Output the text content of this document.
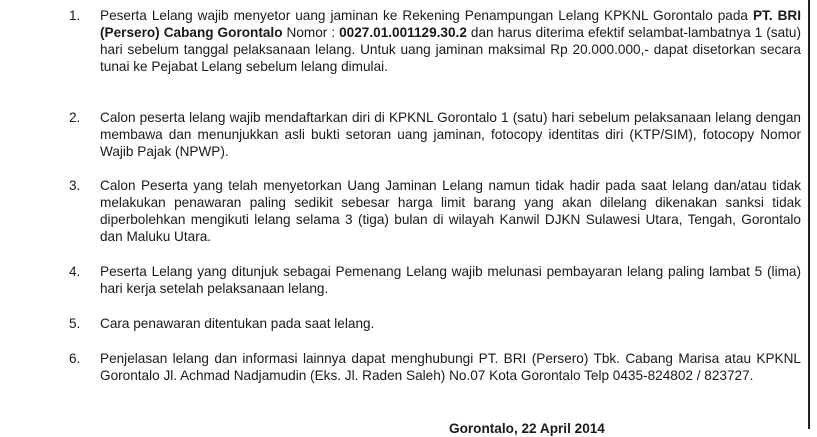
1. Peserta Lelang wajib menyetor uang jaminan ke Rekening Penampungan Lelang KPKNL Gorontalo pada PT. BRI (Persero) Cabang Gorontalo Nomor : 0027.01.001129.30.2 dan harus diterima efektif selambat-lambatnya 1 (satu) hari sebelum tanggal pelaksanaan lelang. Untuk uang jaminan maksimal Rp 20.000.000,- dapat disetorkan secara tunai ke Pejabat Lelang sebelum lelang dimulai.
2. Calon peserta lelang wajib mendaftarkan diri di KPKNL Gorontalo 1 (satu) hari sebelum pelaksanaan lelang dengan membawa dan menunjukkan asli bukti setoran uang jaminan, fotocopy identitas diri (KTP/SIM), fotocopy Nomor Wajib Pajak (NPWP).
3. Calon Peserta yang telah menyetorkan Uang Jaminan Lelang namun tidak hadir pada saat lelang dan/atau tidak melakukan penawaran paling sedikit sebesar harga limit barang yang akan dilelang dikenakan sanksi tidak diperbolehkan mengikuti lelang selama 3 (tiga) bulan di wilayah Kanwil DJKN Sulawesi Utara, Tengah, Gorontalo dan Maluku Utara.
4. Peserta Lelang yang ditunjuk sebagai Pemenang Lelang wajib melunasi pembayaran lelang paling lambat 5 (lima) hari kerja setelah pelaksanaan lelang.
5. Cara penawaran ditentukan pada saat lelang.
6. Penjelasan lelang dan informasi lainnya dapat menghubungi PT. BRI (Persero) Tbk. Cabang Marisa atau KPKNL Gorontalo Jl. Achmad Nadjamudin (Eks. Jl. Raden Saleh) No.07 Kota Gorontalo Telp 0435-824802 / 823727.
Gorontalo, 22 April 2014
